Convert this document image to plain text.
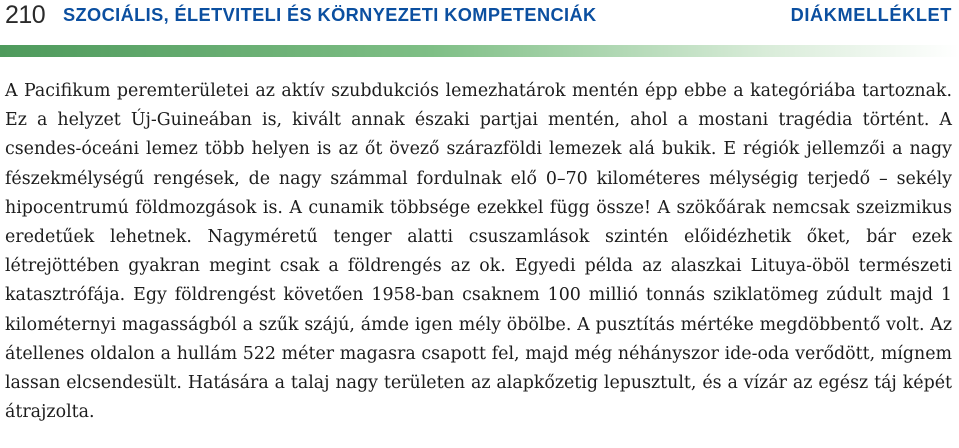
210 SZOCIÁLIS, ÉLETVITELI ÉS KÖRNYEZETI KOMPETENCIÁK	DIÁKMELLÉKLET

A Pacifikum peremterületei az aktív szubdukciós lemezhatárok mentén épp ebbe a kategóriába tartoznak. Ez a helyzet Új-Guineában is, kivált annak északi partjai mentén, ahol a mostani tragédia történt. A csendes-óceáni lemez több helyen is az őt övező szárazföldi lemezek alá bukik. E régiók jellemzői a nagy fészekmélységű rengések, de nagy számmal fordulnak elő 0–70 kilométeres mélységig terjedő – sekély hipocentrumú földmozgások is. A cunamik többsége ezekkel függ össze! A szökőárak nemcsak szeizmikus eredetűek lehetnek. Nagyméretű tenger alatti csuszamlások szintén előidézhetik őket, bár ezek létrejöttében gyakran megint csak a földrengés az ok. Egyedi példa az alaszkai Lituya-öböl természeti katasztrófája. Egy földrengést követően 1958-ban csaknem 100 millió tonnás sziklatömeg zúdult majd 1 kilométernyi magasságból a szűk szájú, ámde igen mély öbölbe. A pusztítás mértéke megdöbbentő volt. Az átellenes oldalon a hullám 522 méter magasra csapott fel, majd még néhányszor ide-oda verődött, mígnem lassan elcsendesült. Hatására a talaj nagy területen az alapkőzetig lepusztult, és a vízár az egész táj képét átrajzolta.
